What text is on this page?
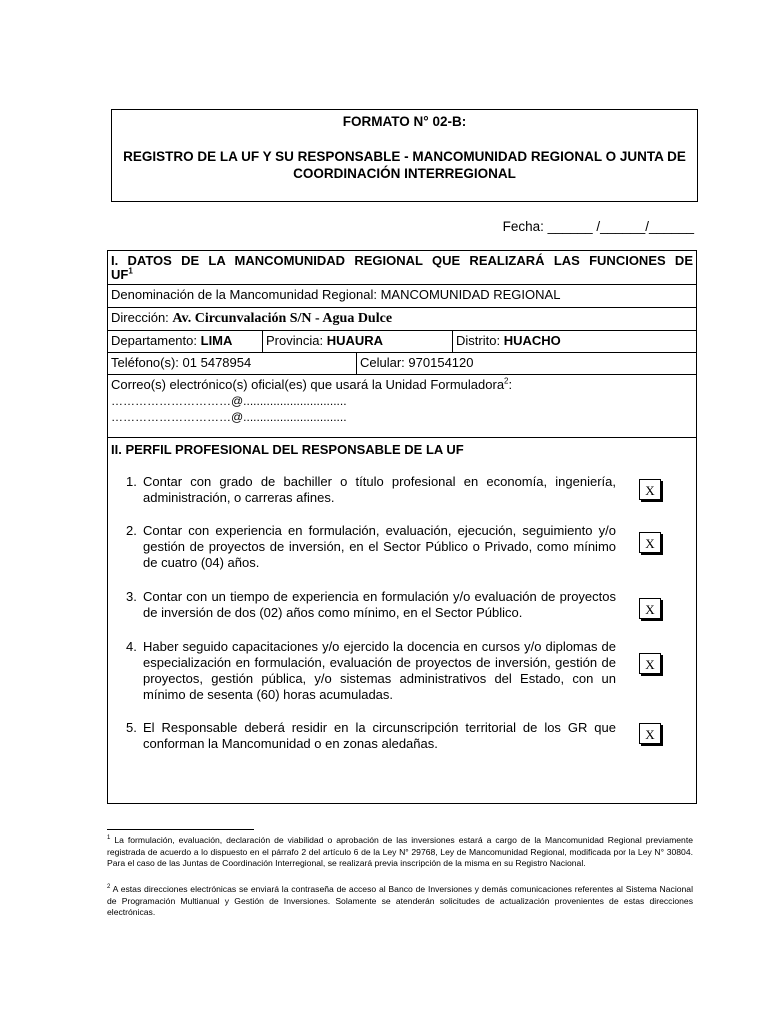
FORMATO N° 02-B:
REGISTRO DE LA UF Y SU RESPONSABLE - MANCOMUNIDAD REGIONAL O JUNTA DE COORDINACIÓN INTERREGIONAL
Fecha: ______ /______/______
I. DATOS DE LA MANCOMUNIDAD REGIONAL QUE REALIZARÁ LAS FUNCIONES DE
$UF^1$
Denominación de la Mancomunidad Regional: MANCOMUNIDAD REGIONAL
Dirección: Av. Circunvalación S/N - Agua Dulce
Departamento: LIMA	Provincia: HUAURA	Distrito: HUACHO
Teléfono(s): 01 5478954	Celular: 970154120
Correo(s) electrónico(s) oficial(es) que usará la Unidad Formuladora$^2$:
…………………………@...............................
…………………………@...............................
II. PERFIL PROFESIONAL DEL RESPONSABLE DE LA UF
1. Contar con grado de bachiller o título profesional en economía, ingeniería, administración, o carreras afines.	X
2. Contar con experiencia en formulación, evaluación, ejecución, seguimiento y/o gestión de proyectos de inversión, en el Sector Público o Privado, como mínimo de cuatro (04) años.
X
3. Contar con un tiempo de experiencia en formulación y/o evaluación de proyectos de inversión de dos (02) años como mínimo, en el Sector Público.	X
4. Haber seguido capacitaciones y/o ejercido la docencia en cursos y/o diplomas de especialización en formulación, evaluación de proyectos de inversión, gestión de proyectos, gestión pública, y/o sistemas administrativos del Estado, con un mínimo de sesenta (60) horas acumuladas.
X
5. El Responsable deberá residir en la circunscripción territorial de los GR que conforman la Mancomunidad o en zonas aledañas.
X
$^1$ La formulación, evaluación, declaración de viabilidad o aprobación de las inversiones estará a cargo de la Mancomunidad Regional previamente registrada de acuerdo a lo dispuesto en el párrafo 2 del artículo 6 de la Ley N° 29768, Ley de Mancomunidad Regional, modificada por la Ley N° 30804. Para el caso de las Juntas de Coordinación Interregional, se realizará previa inscripción de la misma en su Registro Nacional.
$^2$ A estas direcciones electrónicas se enviará la contraseña de acceso al Banco de Inversiones y demás comunicaciones referentes al Sistema Nacional de Programación Multianual y Gestión de Inversiones. Solamente se atenderán solicitudes de actualización provenientes de estas direcciones electrónicas.
